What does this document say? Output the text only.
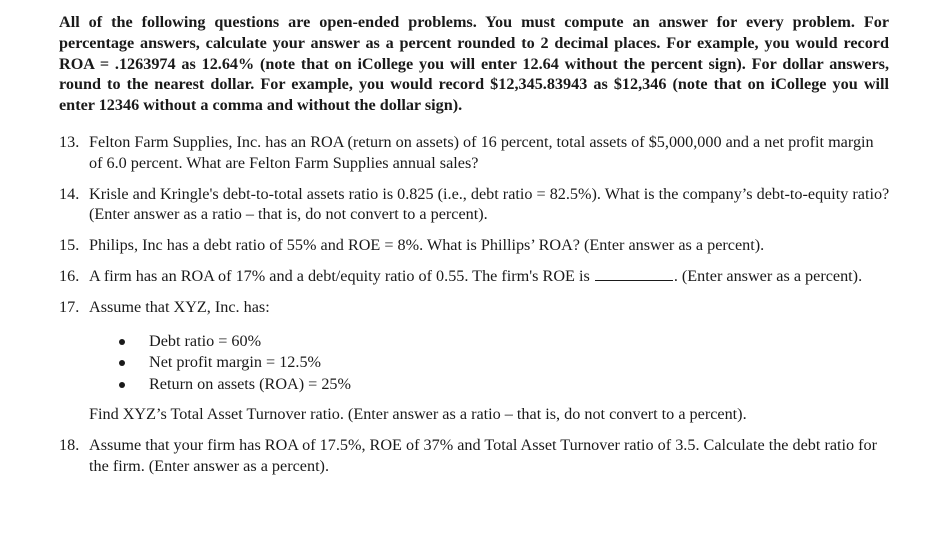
All of the following questions are open-ended problems. You must compute an answer for every problem. For percentage answers, calculate your answer as a percent rounded to 2 decimal places. For example, you would record ROA = .1263974 as 12.64% (note that on iCollege you will enter 12.64 without the percent sign). For dollar answers, round to the nearest dollar. For example, you would record $12,345.83943 as $12,346 (note that on iCollege you will enter 12346 without a comma and without the dollar sign).

13. Felton Farm Supplies, Inc. has an ROA (return on assets) of 16 percent, total assets of $5,000,000 and a net profit margin of 6.0 percent. What are Felton Farm Supplies annual sales?
14. Krisle and Kringle's debt-to-total assets ratio is 0.825 (i.e., debt ratio = 82.5%). What is the company’s debt-to-equity ratio? (Enter answer as a ratio – that is, do not convert to a percent).
15. Philips, Inc has a debt ratio of 55% and ROE = 8%. What is Phillips’ ROA? (Enter answer as a percent).
16. A firm has an ROA of 17% and a debt/equity ratio of 0.55. The firm's ROE is	. (Enter answer as a percent).
17. Assume that XYZ, Inc. has:
Debt ratio = 60%
Net profit margin = 12.5%
Return on assets (ROA) = 25%
Find XYZ’s Total Asset Turnover ratio. (Enter answer as a ratio – that is, do not convert to a percent).
18. Assume that your firm has ROA of 17.5%, ROE of 37% and Total Asset Turnover ratio of 3.5. Calculate the debt ratio for the firm. (Enter answer as a percent).
